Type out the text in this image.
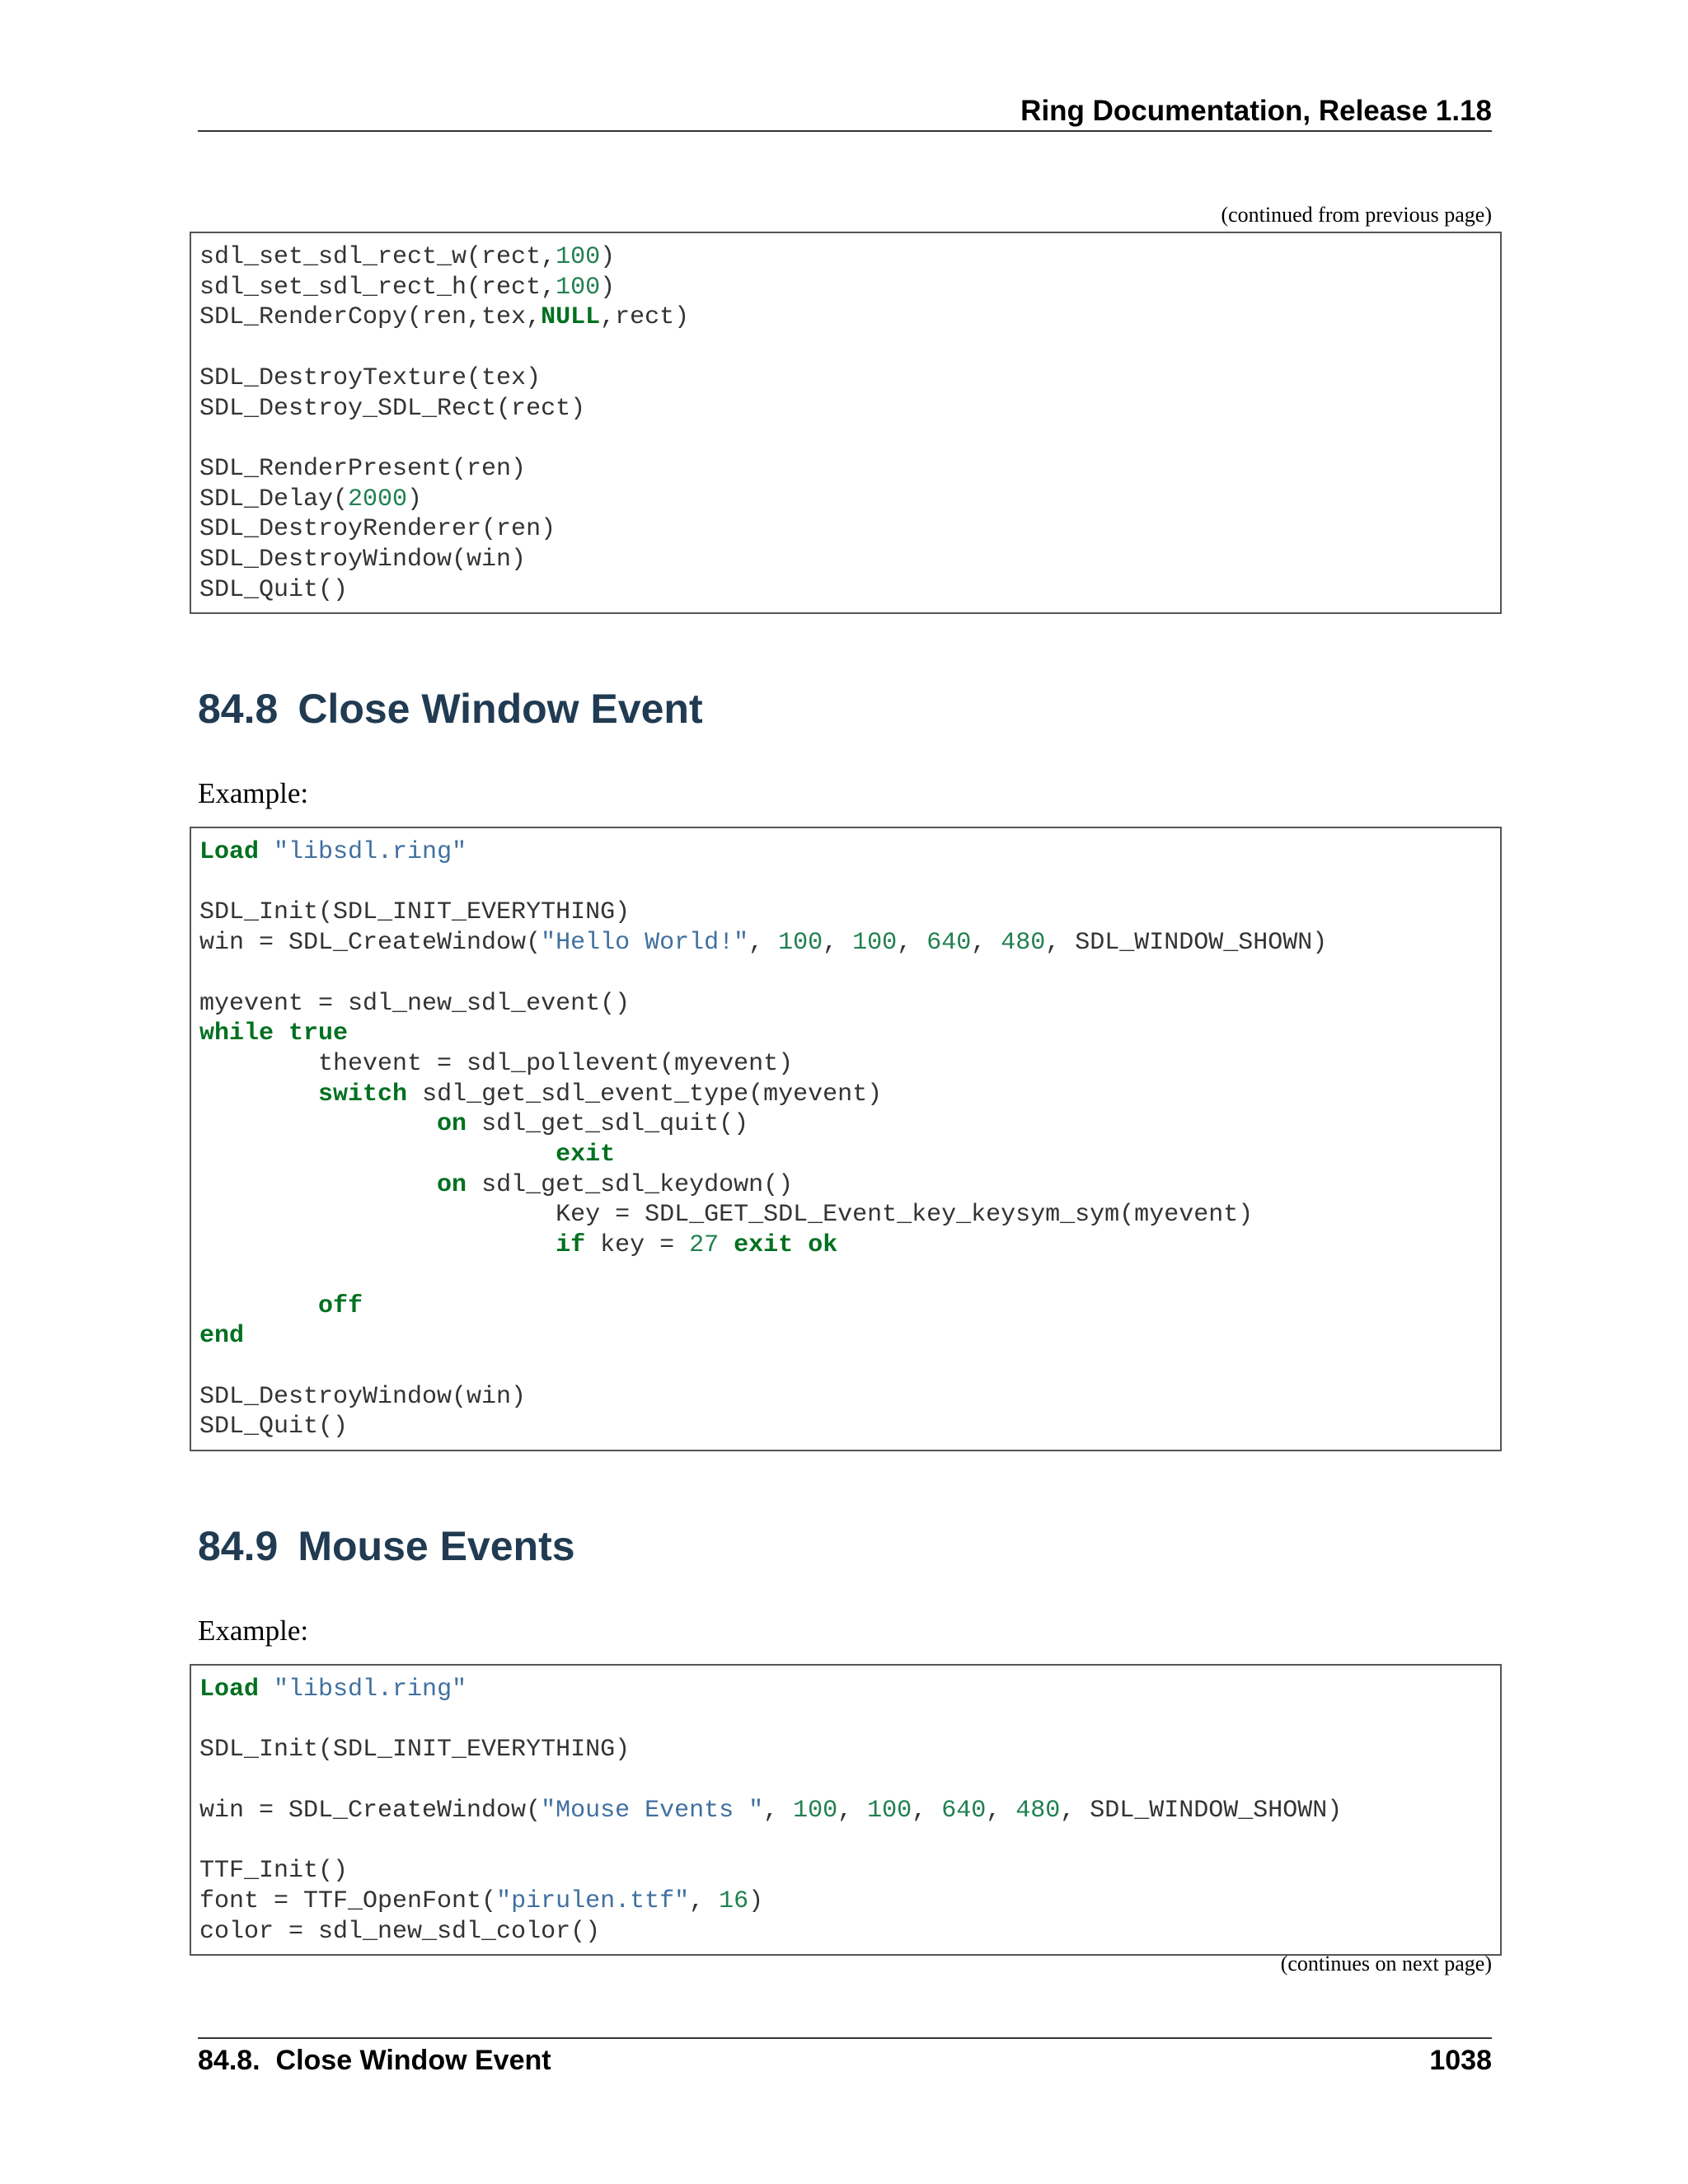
Ring Documentation, Release 1.18
(continued from previous page)
sdl_set_sdl_rect_w(rect,100)
sdl_set_sdl_rect_h(rect,100)
SDL_RenderCopy(ren,tex,NULL,rect)

SDL_DestroyTexture(tex)
SDL_Destroy_SDL_Rect(rect)

SDL_RenderPresent(ren)
SDL_Delay(2000)
SDL_DestroyRenderer(ren)
SDL_DestroyWindow(win)
SDL_Quit()
84.8 Close Window Event
Example:
Load "libsdl.ring"

SDL_Init(SDL_INIT_EVERYTHING)
win = SDL_CreateWindow("Hello World!", 100, 100, 640, 480, SDL_WINDOW_SHOWN)

myevent = sdl_new_sdl_event()
while true
thevent = sdl_pollevent(myevent)
switch sdl_get_sdl_event_type(myevent)
on sdl_get_sdl_quit()
exit
on sdl_get_sdl_keydown()
Key = SDL_GET_SDL_Event_key_keysym_sym(myevent)
if key = 27 exit ok

off
end

SDL_DestroyWindow(win)
SDL_Quit()
84.9 Mouse Events
Example:
Load "libsdl.ring"

SDL_Init(SDL_INIT_EVERYTHING)

win = SDL_CreateWindow("Mouse Events ", 100, 100, 640, 480, SDL_WINDOW_SHOWN)

TTF_Init()
font = TTF_OpenFont("pirulen.ttf", 16)
color = sdl_new_sdl_color()
(continues on next page)
84.8.  Close Window Event	1038
